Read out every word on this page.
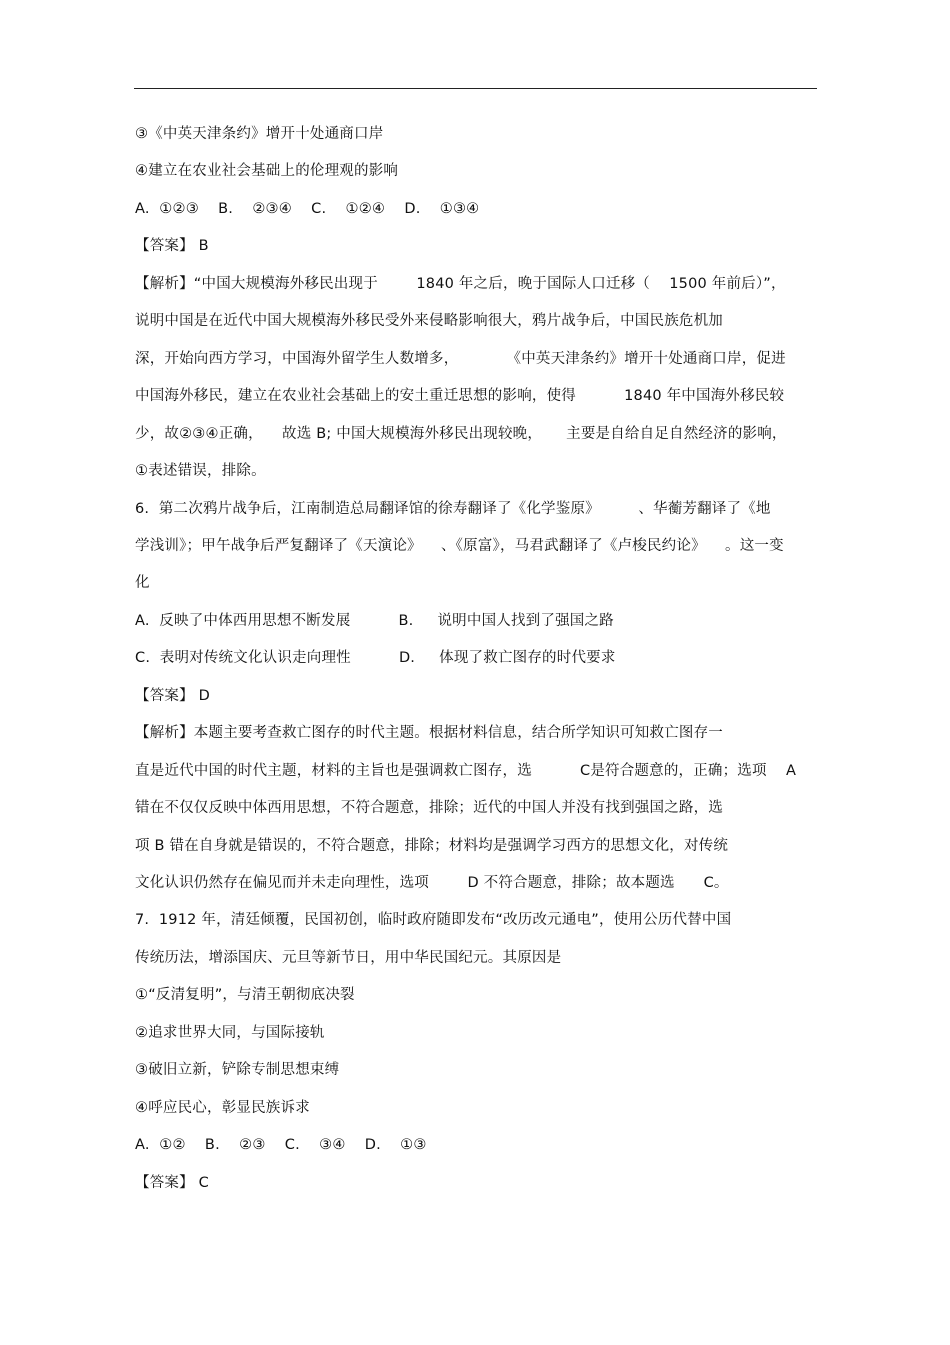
③《中英天津条约》增开十处通商口岸
④建立在农业社会基础上的伦理观的影响
A.  ①②③    B.    ②③④    C.    ①②④    D.    ①③④
【答案】 B
【解析】“中国大规模海外移民出现于        1840 年之后，晚于国际人口迁移（    1500 年前后）”，
说明中国是在近代中国大规模海外移民受外来侵略影响很大，鸦片战争后，中国民族危机加
深，开始向西方学习，中国海外留学生人数增多，          《中英天津条约》增开十处通商口岸，促进
中国海外移民，建立在农业社会基础上的安土重迁思想的影响，使得          1840 年中国海外移民较
少，故②③④正确，    故选 B; 中国大规模海外移民出现较晚，     主要是自给自足自然经济的影响，
①表述错误，排除。
6.  第二次鸦片战争后，江南制造总局翻译馆的徐寿翻译了《化学鉴原》        、华蘅芳翻译了《地
学浅训》；甲午战争后严复翻译了《天演论》    、《原富》，马君武翻译了《卢梭民约论》    。这一变
化
A.  反映了中体西用思想不断发展          B.     说明中国人找到了强国之路
C.  表明对传统文化认识走向理性          D.     体现了救亡图存的时代要求
【答案】 D
【解析】本题主要考查救亡图存的时代主题。根据材料信息，结合所学知识可知救亡图存一
直是近代中国的时代主题，材料的主旨也是强调救亡图存，选          C是符合题意的，正确；选项    A
错在不仅仅反映中体西用思想，不符合题意，排除；近代的中国人并没有找到强国之路，选
项 B 错在自身就是错误的，不符合题意，排除；材料均是强调学习西方的思想文化，对传统
文化认识仍然存在偏见而并未走向理性，选项        D 不符合题意，排除；故本题选      C。
7.  1912 年，清廷倾覆，民国初创，临时政府随即发布“改历改元通电”，使用公历代替中国
传统历法，增添国庆、元旦等新节日，用中华民国纪元。其原因是
①“反清复明”，与清王朝彻底决裂
②追求世界大同，与国际接轨
③破旧立新，铲除专制思想束缚
④呼应民心，彰显民族诉求
A.  ①②    B.    ②③    C.    ③④    D.    ①③
【答案】 C
